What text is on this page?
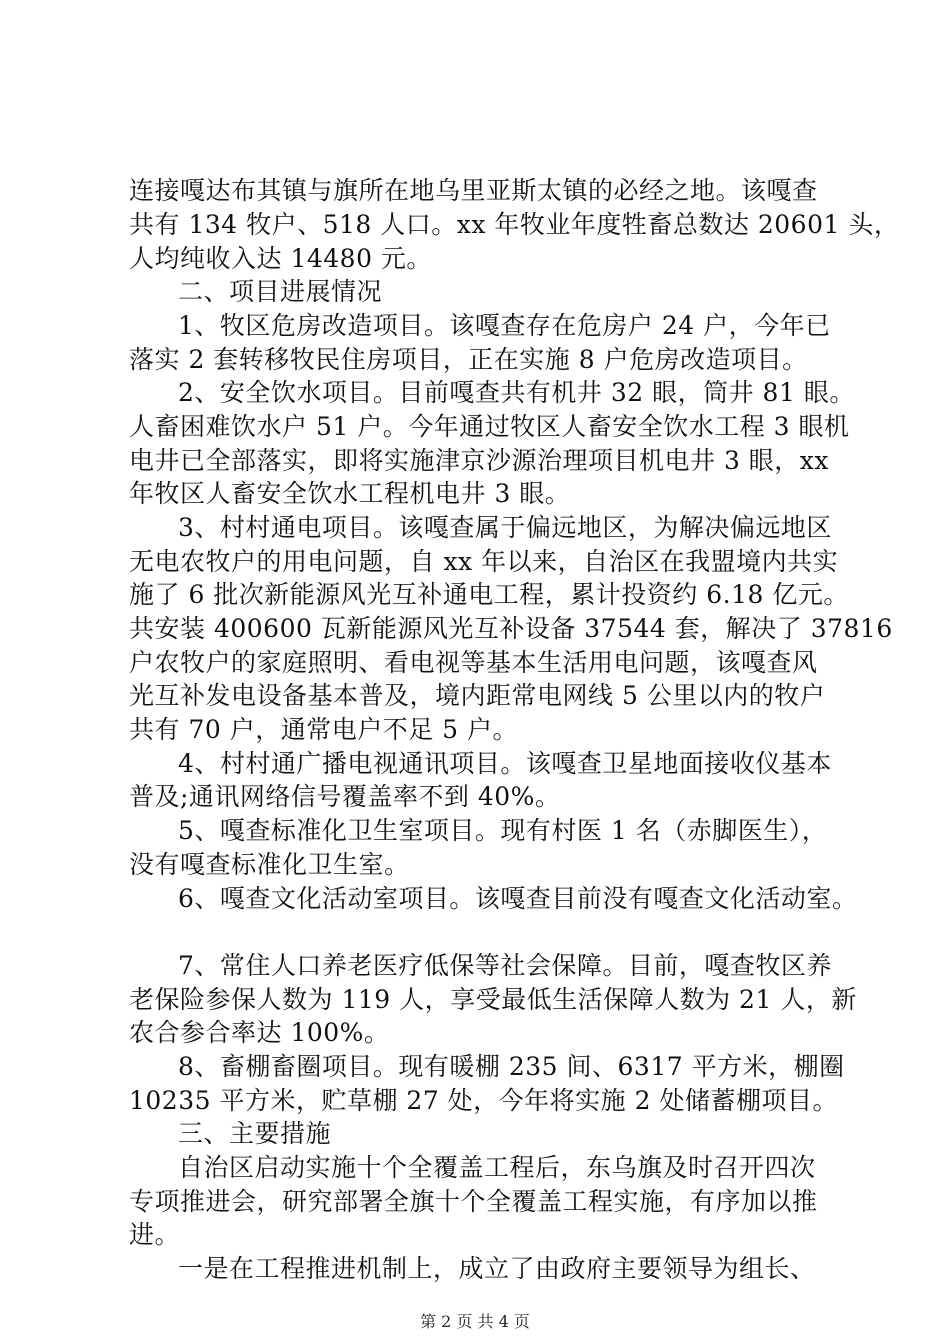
连接嘎达布其镇与旗所在地乌里亚斯太镇的必经之地。该嘎查
共有 134 牧户、518 人口。xx 年牧业年度牲畜总数达 20601 头，
人均纯收入达 14480 元。
二、项目进展情况
1、牧区危房改造项目。该嘎查存在危房户 24 户，今年已
落实 2 套转移牧民住房项目，正在实施 8 户危房改造项目。
2、安全饮水项目。目前嘎查共有机井 32 眼，筒井 81 眼。
人畜困难饮水户 51 户。今年通过牧区人畜安全饮水工程 3 眼机
电井已全部落实，即将实施津京沙源治理项目机电井 3 眼，xx
年牧区人畜安全饮水工程机电井 3 眼。
3、村村通电项目。该嘎查属于偏远地区，为解决偏远地区
无电农牧户的用电问题，自 xx 年以来，自治区在我盟境内共实
施了 6 批次新能源风光互补通电工程，累计投资约 6.18 亿元。
共安装 400600 瓦新能源风光互补设备 37544 套，解决了 37816
户农牧户的家庭照明、看电视等基本生活用电问题，该嘎查风
光互补发电设备基本普及，境内距常电网线 5 公里以内的牧户
共有 70 户，通常电户不足 5 户。
4、村村通广播电视通讯项目。该嘎查卫星地面接收仪基本
普及;通讯网络信号覆盖率不到 40%。
5、嘎查标准化卫生室项目。现有村医 1 名（赤脚医生），
没有嘎查标准化卫生室。
6、嘎查文化活动室项目。该嘎查目前没有嘎查文化活动室。
7、常住人口养老医疗低保等社会保障。目前，嘎查牧区养
老保险参保人数为 119 人，享受最低生活保障人数为 21 人，新
农合参合率达 100%。
8、畜棚畜圈项目。现有暖棚 235 间、6317 平方米，棚圈
10235 平方米，贮草棚 27 处，今年将实施 2 处储蓄棚项目。
三、主要措施
自治区启动实施十个全覆盖工程后，东乌旗及时召开四次
专项推进会，研究部署全旗十个全覆盖工程实施，有序加以推
进。
一是在工程推进机制上，成立了由政府主要领导为组长、
第 2 页 共 4 页
